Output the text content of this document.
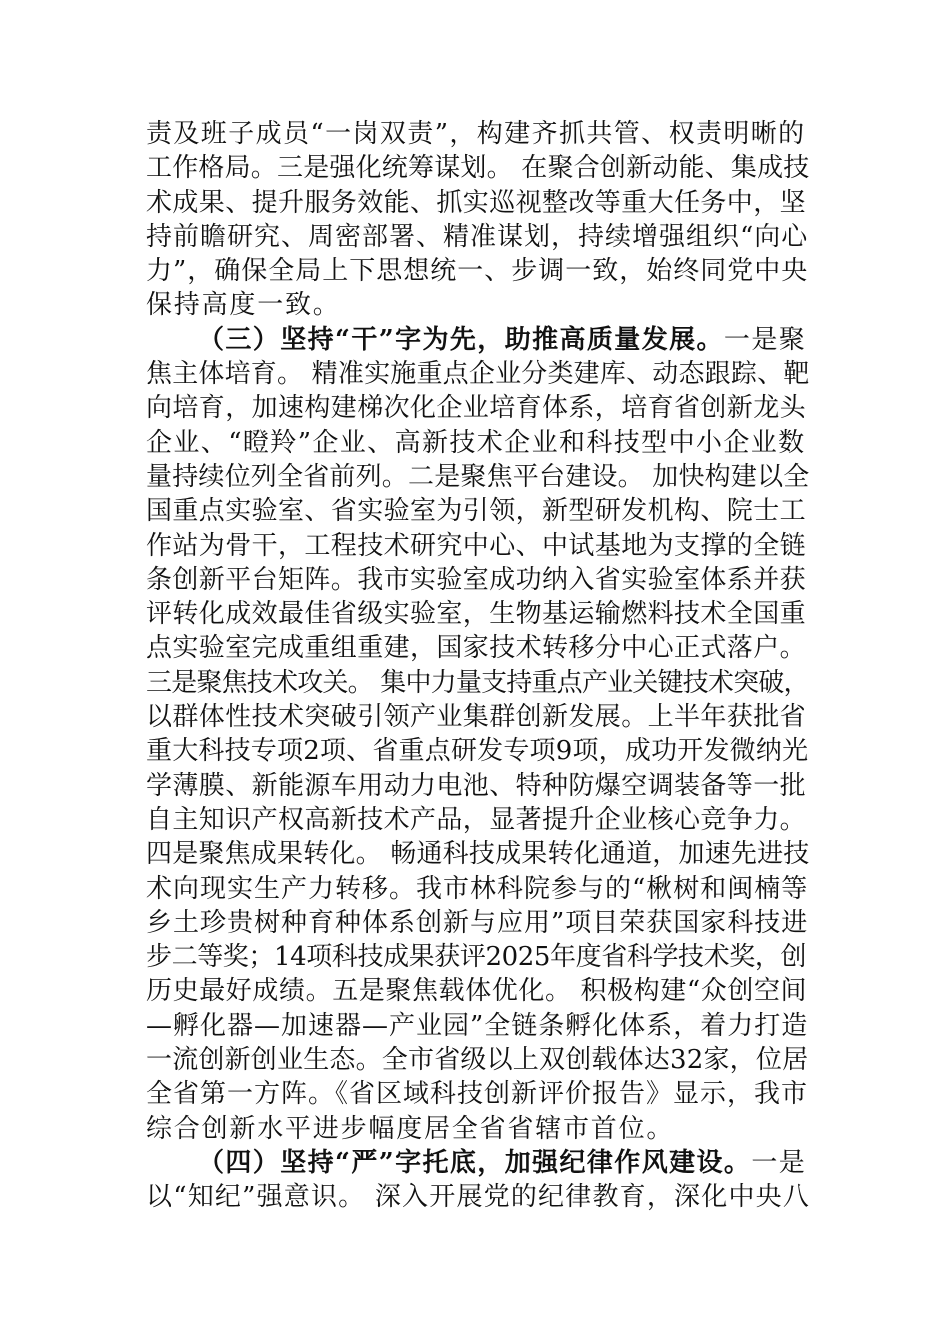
责及班子成员“一岗双责”，构建齐抓共管、权责明晰的
工作格局。三是强化统筹谋划。 在聚合创新动能、集成技
术成果、提升服务效能、抓实巡视整改等重大任务中，坚
持前瞻研究、周密部署、精准谋划，持续增强组织“向心
力”，确保全局上下思想统一、步调一致，始终同党中央
保持高度一致。
（三）坚持“干”字为先，助推高质量发展。一是聚
焦主体培育。 精准实施重点企业分类建库、动态跟踪、靶
向培育，加速构建梯次化企业培育体系，培育省创新龙头
企业、“瞪羚”企业、高新技术企业和科技型中小企业数
量持续位列全省前列。二是聚焦平台建设。 加快构建以全
国重点实验室、省实验室为引领，新型研发机构、院士工
作站为骨干，工程技术研究中心、中试基地为支撑的全链
条创新平台矩阵。我市实验室成功纳入省实验室体系并获
评转化成效最佳省级实验室，生物基运输燃料技术全国重
点实验室完成重组重建，国家技术转移分中心正式落户。
三是聚焦技术攻关。 集中力量支持重点产业关键技术突破，
以群体性技术突破引领产业集群创新发展。上半年获批省
重大科技专项2项、省重点研发专项9项，成功开发微纳光
学薄膜、新能源车用动力电池、特种防爆空调装备等一批
自主知识产权高新技术产品，显著提升企业核心竞争力。
四是聚焦成果转化。 畅通科技成果转化通道，加速先进技
术向现实生产力转移。我市林科院参与的“楸树和闽楠等
乡土珍贵树种育种体系创新与应用”项目荣获国家科技进
步二等奖；14项科技成果获评2025年度省科学技术奖，创
历史最好成绩。五是聚焦载体优化。 积极构建“众创空间
—孵化器—加速器—产业园”全链条孵化体系，着力打造
一流创新创业生态。全市省级以上双创载体达32家，位居
全省第一方阵。《省区域科技创新评价报告》显示，我市
综合创新水平进步幅度居全省省辖市首位。
（四）坚持“严”字托底，加强纪律作风建设。一是
以“知纪”强意识。 深入开展党的纪律教育，深化中央八
